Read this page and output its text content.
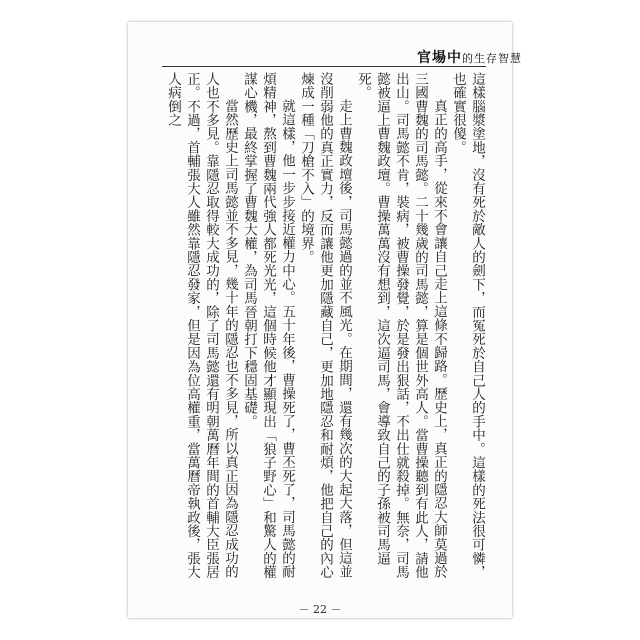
官場中的生存智慧

這樣腦漿塗地，沒有死於敵人的劍下，而冤死於自己人的手中。這樣的死法很可憐，也確實很傻。

真正的高手，從來不會讓自己走上這條不歸路。歷史上，真正的隱忍大師莫過於三國曹魏的司馬懿。二十幾歲的司馬懿，算是個世外高人。當曹操聽到有此人，請他出山。司馬懿不肯，裝病，被曹操發覺，於是發出狠話，不出仕就殺掉。無奈，司馬懿被逼上曹魏政壇。曹操萬萬沒有想到，這次逼司馬，會導致自己的子孫被司馬逼死。

走上曹魏政壇後，司馬懿過的並不風光。在期間，還有幾次的大起大落，但這並沒削弱他的真正實力，反而讓他更加隱藏自己，更加地隱忍和耐煩，他把自己的內心煉成一種「刀槍不入」的境界。

就這樣，他一步步接近權力中心。五十年後，曹操死了，曹丕死了，司馬懿的耐煩精神，熬到曹魏兩代強人都死光光，這個時候他才顯現出「狼子野心」和驚人的權謀心機，最終掌握了曹魏大權，為司馬晉朝打下穩固基礎。

當然歷史上司馬懿並不多見，幾十年的隱忍也不多見，所以真正因為隱忍成功的人也不多見。靠隱忍取得較大成功的，除了司馬懿還有明朝萬曆年間的首輔大臣張居正。不過，首輔張大人雖然靠隱忍發家，但是因為位高權重，當萬曆帝執政後，張大人病倒之

－ 22 －
